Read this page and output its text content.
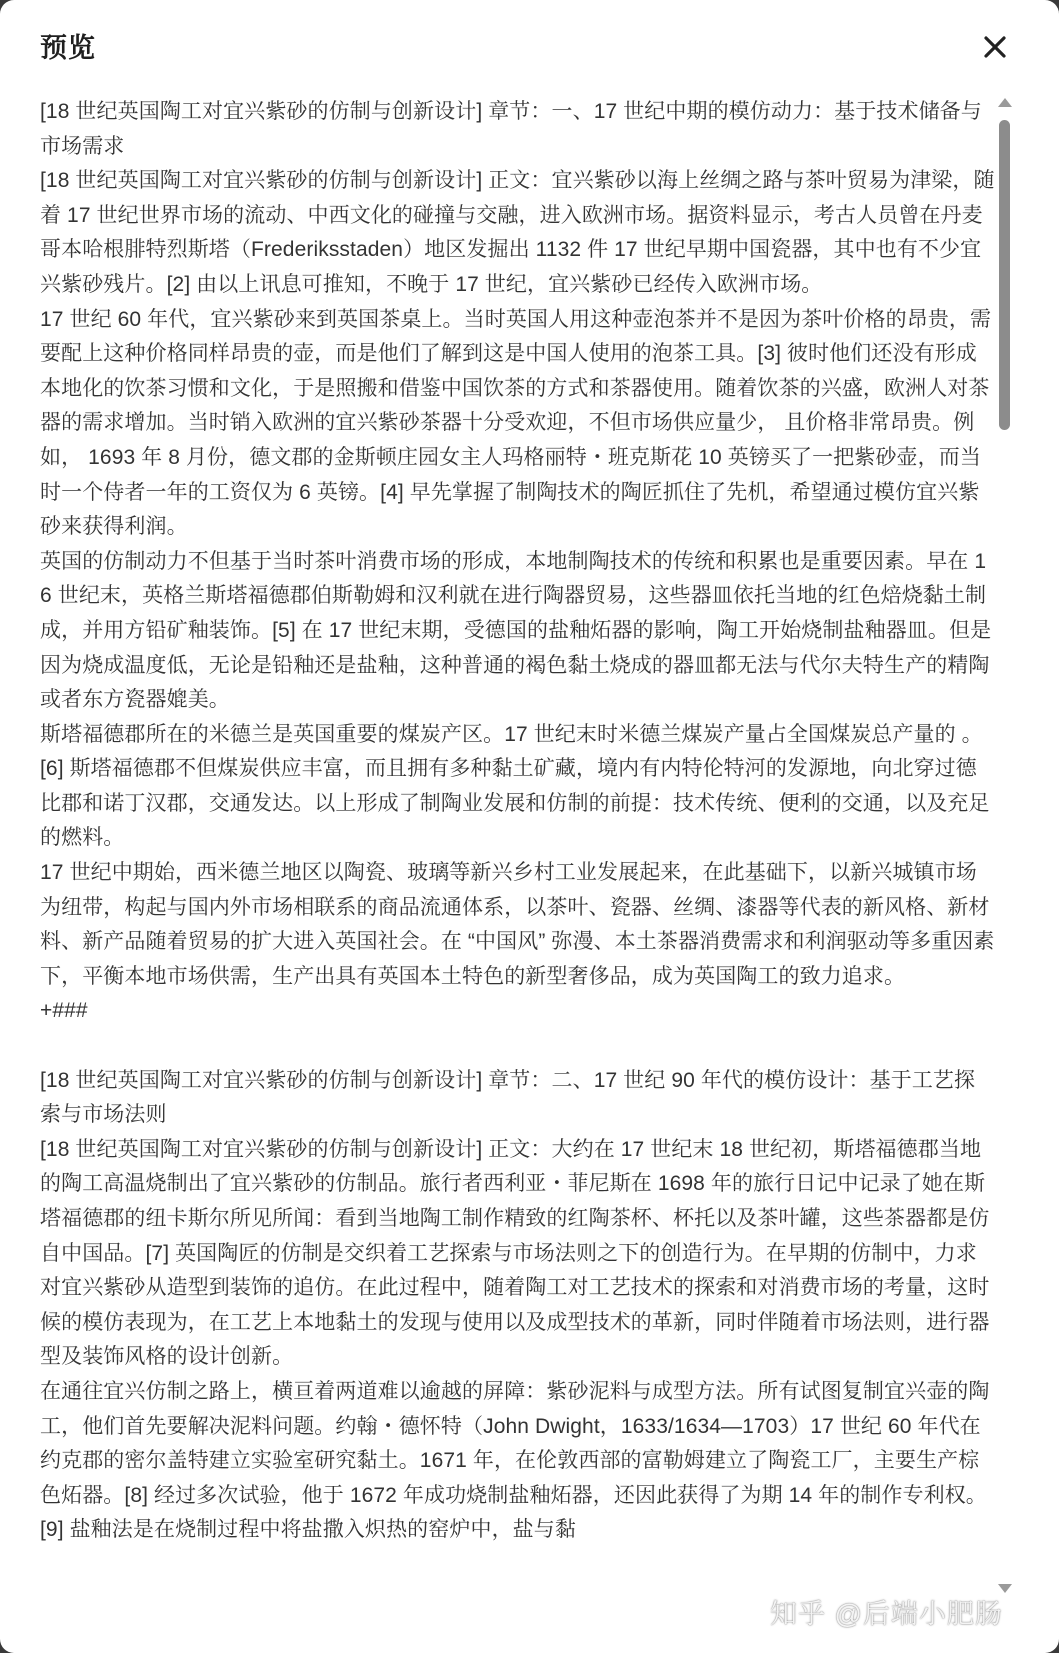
预览

[18 世纪英国陶工对宜兴紫砂的仿制与创新设计] 章节：一、17 世纪中期的模仿动力：基于技术储备与市场需求

[18 世纪英国陶工对宜兴紫砂的仿制与创新设计] 正文：宜兴紫砂以海上丝绸之路与茶叶贸易为津梁，随着 17 世纪世界市场的流动、中西文化的碰撞与交融，进入欧洲市场。据资料显示，考古人员曾在丹麦哥本哈根腓特烈斯塔（Frederiksstaden）地区发掘出 1132 件 17 世纪早期中国瓷器，其中也有不少宜兴紫砂残片。[2] 由以上讯息可推知，不晚于 17 世纪，宜兴紫砂已经传入欧洲市场。

17 世纪 60 年代，宜兴紫砂来到英国茶桌上。当时英国人用这种壶泡茶并不是因为茶叶价格的昂贵，需要配上这种价格同样昂贵的壶，而是他们了解到这是中国人使用的泡茶工具。[3] 彼时他们还没有形成本地化的饮茶习惯和文化，于是照搬和借鉴中国饮茶的方式和茶器使用。随着饮茶的兴盛，欧洲人对茶器的需求增加。当时销入欧洲的宜兴紫砂茶器十分受欢迎，不但市场供应量少， 且价格非常昂贵。例如， 1693 年 8 月份，德文郡的金斯顿庄园女主人玛格丽特・班克斯花 10 英镑买了一把紫砂壶，而当时一个侍者一年的工资仅为 6 英镑。[4] 早先掌握了制陶技术的陶匠抓住了先机，希望通过模仿宜兴紫砂来获得利润。

英国的仿制动力不但基于当时茶叶消费市场的形成，本地制陶技术的传统和积累也是重要因素。早在 16 世纪末，英格兰斯塔福德郡伯斯勒姆和汉利就在进行陶器贸易，这些器皿依托当地的红色焙烧黏土制成，并用方铅矿釉装饰。[5] 在 17 世纪末期，受德国的盐釉炻器的影响，陶工开始烧制盐釉器皿。但是因为烧成温度低，无论是铅釉还是盐釉，这种普通的褐色黏土烧成的器皿都无法与代尔夫特生产的精陶或者东方瓷器媲美。

斯塔福德郡所在的米德兰是英国重要的煤炭产区。17 世纪末时米德兰煤炭产量占全国煤炭总产量的 。[6] 斯塔福德郡不但煤炭供应丰富，而且拥有多种黏土矿藏，境内有内特伦特河的发源地，向北穿过德比郡和诺丁汉郡，交通发达。以上形成了制陶业发展和仿制的前提：技术传统、便利的交通，以及充足的燃料。

17 世纪中期始，西米德兰地区以陶瓷、玻璃等新兴乡村工业发展起来，在此基础下，以新兴城镇市场为纽带，构起与国内外市场相联系的商品流通体系，以茶叶、瓷器、丝绸、漆器等代表的新风格、新材料、新产品随着贸易的扩大进入英国社会。在 “中国风” 弥漫、本土茶器消费需求和利润驱动等多重因素下，平衡本地市场供需，生产出具有英国本土特色的新型奢侈品，成为英国陶工的致力追求。

+###

[18 世纪英国陶工对宜兴紫砂的仿制与创新设计] 章节：二、17 世纪 90 年代的模仿设计：基于工艺探索与市场法则

[18 世纪英国陶工对宜兴紫砂的仿制与创新设计] 正文：大约在 17 世纪末 18 世纪初，斯塔福德郡当地的陶工高温烧制出了宜兴紫砂的仿制品。旅行者西利亚・菲尼斯在 1698 年的旅行日记中记录了她在斯塔福德郡的纽卡斯尔所见所闻：看到当地陶工制作精致的红陶茶杯、杯托以及茶叶罐，这些茶器都是仿自中国品。[7] 英国陶匠的仿制是交织着工艺探索与市场法则之下的创造行为。在早期的仿制中，力求对宜兴紫砂从造型到装饰的追仿。在此过程中，随着陶工对工艺技术的探索和对消费市场的考量，这时候的模仿表现为，在工艺上本地黏土的发现与使用以及成型技术的革新，同时伴随着市场法则，进行器型及装饰风格的设计创新。

在通往宜兴仿制之路上，横亘着两道难以逾越的屏障：紫砂泥料与成型方法。所有试图复制宜兴壶的陶工，他们首先要解决泥料问题。约翰・德怀特（John Dwight，1633/1634—1703）17 世纪 60 年代在约克郡的密尔盖特建立实验室研究黏土。1671 年，在伦敦西部的富勒姆建立了陶瓷工厂，主要生产棕色炻器。[8] 经过多次试验，他于 1672 年成功烧制盐釉炻器，还因此获得了为期 14 年的制作专利权。[9] 盐釉法是在烧制过程中将盐撒入炽热的窑炉中，盐与黏

知乎 @后端小肥肠
